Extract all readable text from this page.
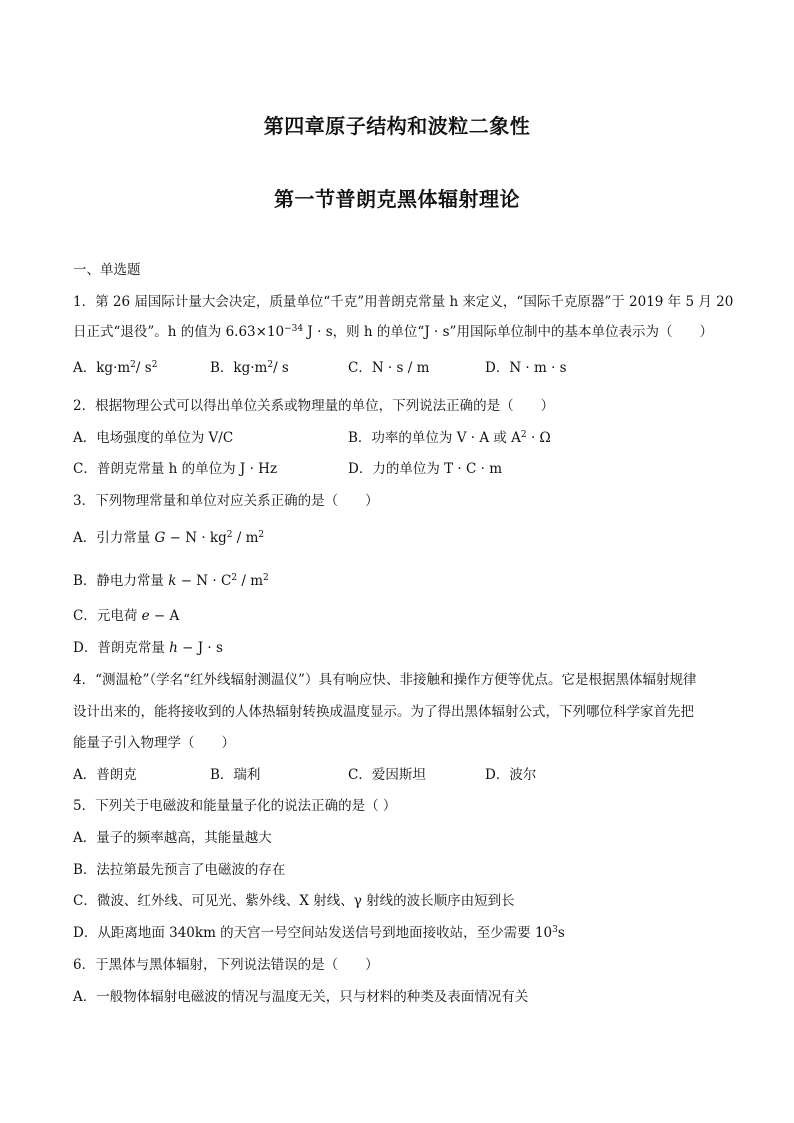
第四章原子结构和波粒二象性
第一节普朗克黑体辐射理论
一、单选题
1．第 26 届国际计量大会决定，质量单位“千克”用普朗克常量 h 来定义，“国际千克原器”于 2019 年 5 月 20
日正式“退役”。h 的值为 $6.63\times 10^{-34}$ J · s，则 h 的单位“J · s”用国际单位制中的基本单位表示为（　　）
A．$kg\cdot m^2/$ $s^2$	B．$kg\cdot m^2/$ s	C．N · s / m	D．N · m · s
2．根据物理公式可以得出单位关系或物理量的单位，下列说法正确的是（　　）
A．电场强度的单位为 V/C	B．功率的单位为 V · A 或 $A^2 \cdot \Omega$
C．普朗克常量 h 的单位为 J · Hz	D．力的单位为 T · C · m
3．下列物理常量和单位对应关系正确的是（　　）
A．引力常量 $G - N \cdot kg^2 / m^2$
B．静电力常量 $k - N \cdot C^2 / m^2$
C．元电荷 e − A
D．普朗克常量 h − J · s
4．“测温枪”（学名“红外线辐射测温仪”）具有响应快、非接触和操作方便等优点。它是根据黑体辐射规律
设计出来的，能将接收到的人体热辐射转换成温度显示。为了得出黑体辐射公式，下列哪位科学家首先把
能量子引入物理学（　　）
A．普朗克	B．瑞利	C．爱因斯坦	D．波尔
5．下列关于电磁波和能量量子化的说法正确的是（ ）
A．量子的频率越高，其能量越大
B．法拉第最先预言了电磁波的存在
C．微波、红外线、可见光、紫外线、X 射线、γ 射线的波长顺序由短到长
D．从距离地面 340km 的天宫一号空间站发送信号到地面接收站，至少需要 $10^3s$
6．于黑体与黑体辐射，下列说法错误的是（　　）
A．一般物体辐射电磁波的情况与温度无关，只与材料的种类及表面情况有关
